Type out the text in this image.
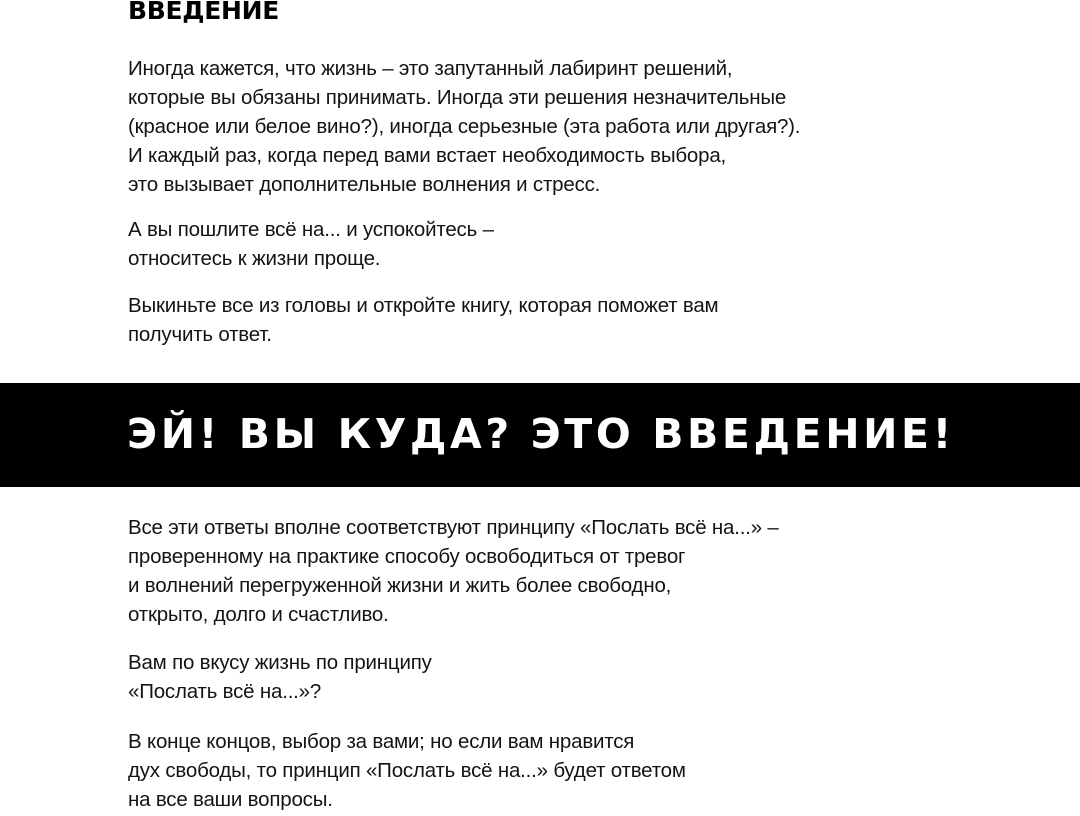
ВВЕДЕНИЕ

Иногда кажется, что жизнь – это запутанный лабиринт решений,
которые вы обязаны принимать. Иногда эти решения незначительные
(красное или белое вино?), иногда серьезные (эта работа или другая?).
И каждый раз, когда перед вами встает необходимость выбора,
это вызывает дополнительные волнения и стресс.

А вы пошлите всё на... и успокойтесь –
относитесь к жизни проще.

Выкиньте все из головы и откройте книгу, которая поможет вам
получить ответ.

ЭЙ! ВЫ КУДА? ЭТО ВВЕДЕНИЕ!

Все эти ответы вполне соответствуют принципу «Послать всё на...» –
проверенному на практике способу освободиться от тревог
и волнений перегруженной жизни и жить более свободно,
открыто, долго и счастливо.

Вам по вкусу жизнь по принципу
«Послать всё на...»?

В конце концов, выбор за вами; но если вам нравится
дух свободы, то принцип «Послать всё на...» будет ответом
на все ваши вопросы.
